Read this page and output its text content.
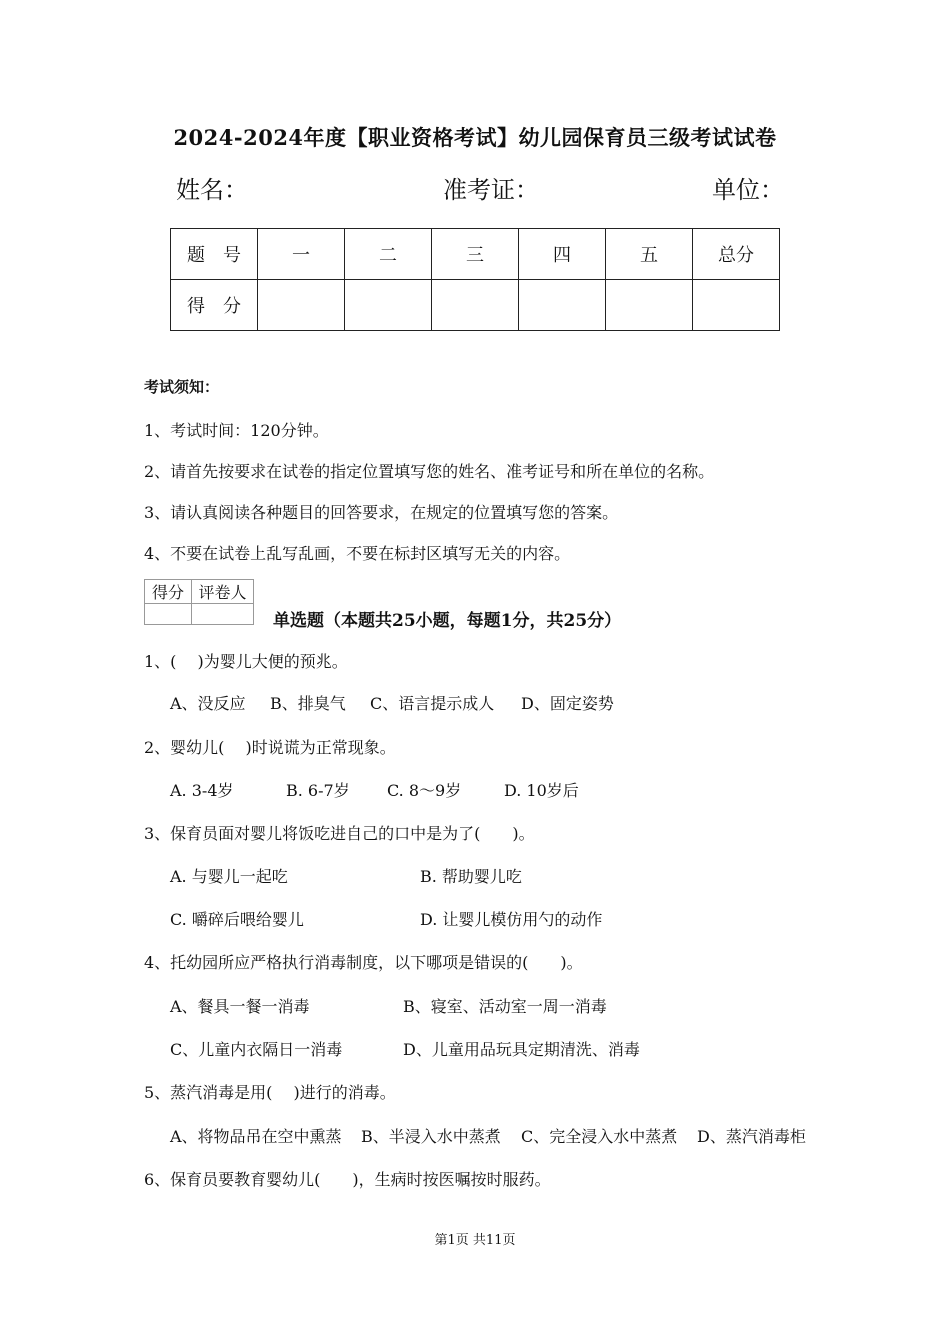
2024-2024年度【职业资格考试】幼儿园保育员三级考试试卷
姓名：	准考证：	单位：
题　号	一	二	三	四	五	总分
得　分						
考试须知：
1、考试时间：120分钟。
2、请首先按要求在试卷的指定位置填写您的姓名、准考证号和所在单位的名称。
3、请认真阅读各种题目的回答要求，在规定的位置填写您的答案。
4、不要在试卷上乱写乱画，不要在标封区填写无关的内容。
得分	评卷人

单选题（本题共25小题，每题1分，共25分）
1、(　 )为婴儿大便的预兆。
A、没反应 B、排臭气 C、语言提示成人 D、固定姿势
2、婴幼儿(　 )时说谎为正常现象。
A. 3-4岁	B. 6-7岁 C. 8～9岁	D. 10岁后
3、保育员面对婴儿将饭吃进自己的口中是为了(　　)。
A. 与婴儿一起吃	B. 帮助婴儿吃
C. 嚼碎后喂给婴儿	D. 让婴儿模仿用勺的动作
4、托幼园所应严格执行消毒制度，以下哪项是错误的(　　)。
A、餐具一餐一消毒	B、寝室、活动室一周一消毒
C、儿童内衣隔日一消毒	D、儿童用品玩具定期清洗、消毒
5、蒸汽消毒是用(　 )进行的消毒。
A、将物品吊在空中熏蒸 B、半浸入水中蒸煮 C、完全浸入水中蒸煮 D、蒸汽消毒柜
6、保育员要教育婴幼儿(　　)，生病时按医嘱按时服药。
第1页 共11页
